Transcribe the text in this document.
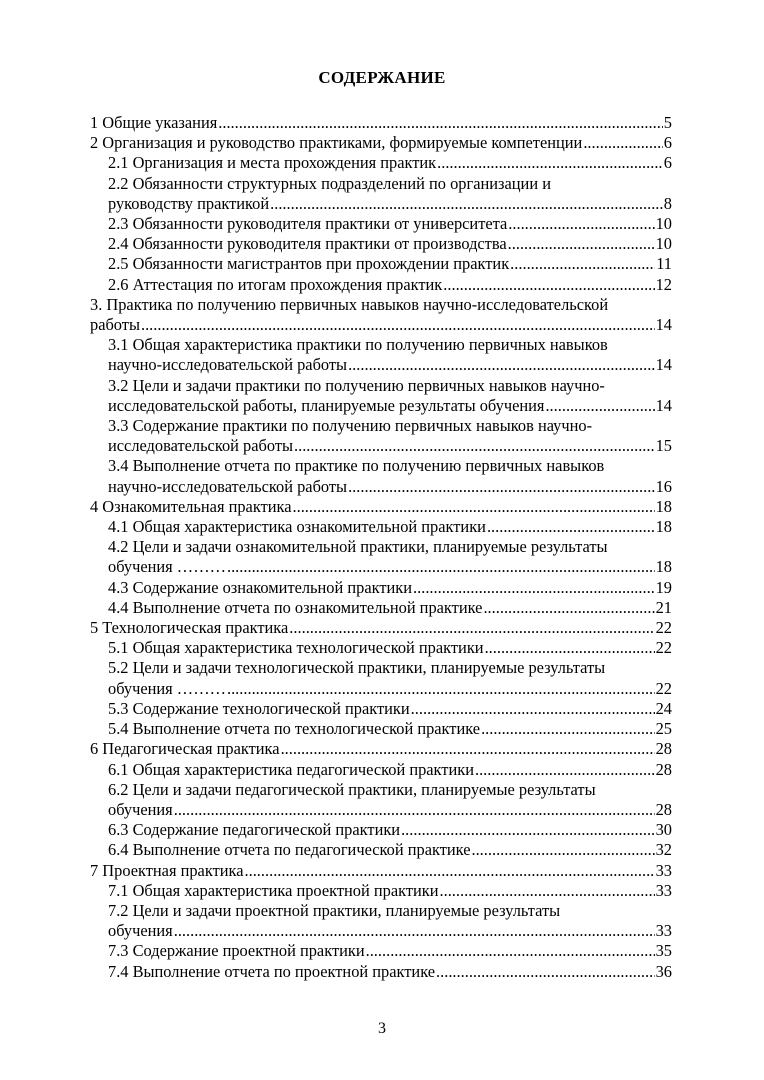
СОДЕРЖАНИЕ
1 Общие указания .....	5
2 Организация и руководство практиками, формируемые компетенции .....	6
2.1 Организация и места прохождения практик .....	6
2.2 Обязанности структурных подразделений по организации и
руководству практикой .....	8
2.3 Обязанности руководителя практики от университета .....	10
2.4 Обязанности руководителя практики от производства .....	10
2.5 Обязанности магистрантов при прохождении практик .....	11
2.6 Аттестация по итогам прохождения практик .....	12
3. Практика по получению первичных навыков научно-исследовательской
работы .....	14
3.1 Общая характеристика практики по получению первичных навыков
научно-исследовательской работы .....	14
3.2 Цели и задачи практики по получению первичных навыков научно-
исследовательской работы, планируемые результаты обучения .....	14
3.3 Содержание практики по получению первичных навыков научно-
исследовательской работы .....	15
3.4 Выполнение отчета по практике по получению первичных навыков
научно-исследовательской работы .....	16
4 Ознакомительная практика .....	18
4.1 Общая характеристика ознакомительной практики .....	18
4.2 Цели и задачи ознакомительной практики, планируемые результаты
обучения ……… .....	18
4.3 Содержание ознакомительной практики .....	19
4.4 Выполнение отчета по ознакомительной практике .....	21
5 Технологическая практика .....	22
5.1 Общая характеристика технологической практики .....	22
5.2 Цели и задачи технологической практики, планируемые результаты
обучения ……… .....	22
5.3 Содержание технологической практики .....	24
5.4 Выполнение отчета по технологической практике .....	25
6 Педагогическая практика .....	28
6.1 Общая характеристика педагогической практики .....	28
6.2 Цели и задачи педагогической практики, планируемые результаты
обучения .....	28
6.3 Содержание педагогической практики .....	30
6.4 Выполнение отчета по педагогической практике .....	32
7 Проектная практика .....	33
7.1 Общая характеристика проектной практики .....	33
7.2 Цели и задачи проектной практики, планируемые результаты
обучения .....	33
7.3 Содержание проектной практики .....	35
7.4 Выполнение отчета по проектной практике .....	36
3
